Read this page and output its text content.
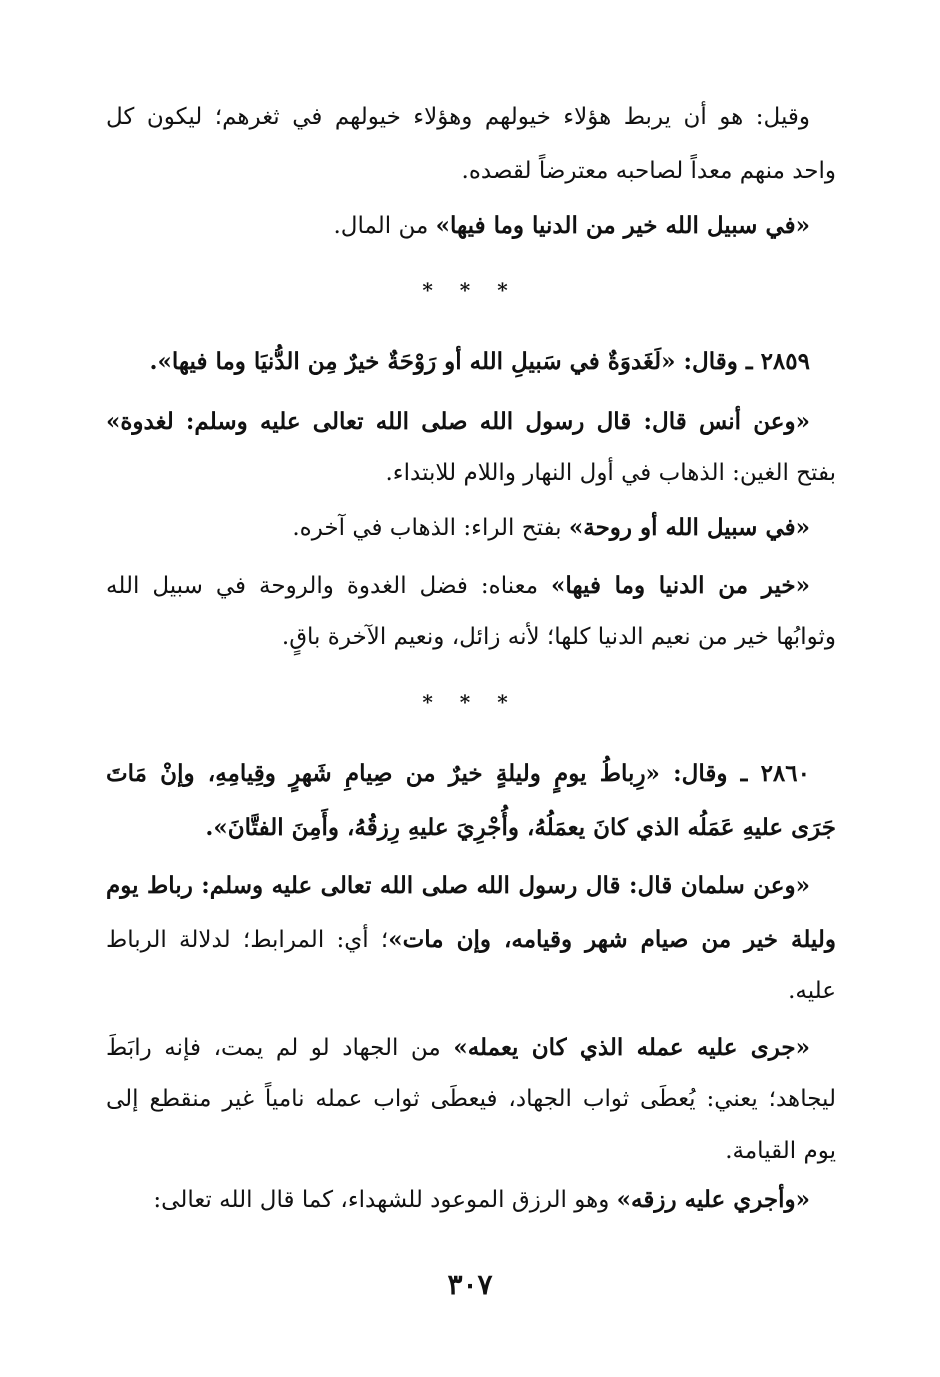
وقيل: هو أن يربط هؤلاء خيولهم وهؤلاء خيولهم في ثغرهم؛ ليكون كل
واحد منهم معداً لصاحبه معترضاً لقصده.
«في سبيل الله خير من الدنيا وما فيها» من المال.
٢٨٥٩ ـ وقال: «لَغَدوَةٌ في سَبيلِ الله أو رَوْحَةٌ خيرٌ مِن الدُّنيَا وما فيها».
«وعن أنس قال: قال رسول الله صلى الله تعالى عليه وسلم: لغدوة»
بفتح الغين: الذهاب في أول النهار واللام للابتداء.
«في سبيل الله أو روحة» بفتح الراء: الذهاب في آخره.
«خير من الدنيا وما فيها» معناه: فضل الغدوة والروحة في سبيل الله
وثوابُها خير من نعيم الدنيا كلها؛ لأنه زائل، ونعيم الآخرة باقٍ.
٢٨٦٠ ـ وقال: «رِباطُ يومٍ وليلةٍ خيرٌ من صِيامِ شَهرٍ وقِيامِهِ، وإنْ مَاتَ
جَرَى عليهِ عَمَلُه الذي كانَ يعمَلُهُ، وأُجْرِيَ عليهِ رِزقُهُ، وأَمِنَ الفتَّانَ».
«وعن سلمان قال: قال رسول الله صلى الله تعالى عليه وسلم: رباط يوم
وليلة خير من صيام شهر وقيامه، وإن مات»؛ أي: المرابط؛ لدلالة الرباط
عليه.
«جرى عليه عمله الذي كان يعمله» من الجهاد لو لم يمت، فإنه رابَطَ
ليجاهد؛ يعني: يُعطَى ثواب الجهاد، فيعطَى ثواب عمله نامياً غير منقطع إلى
يوم القيامة.
«وأجري عليه رزقه» وهو الرزق الموعود للشهداء، كما قال الله تعالى:
* * *
* * *
٣٠٧
